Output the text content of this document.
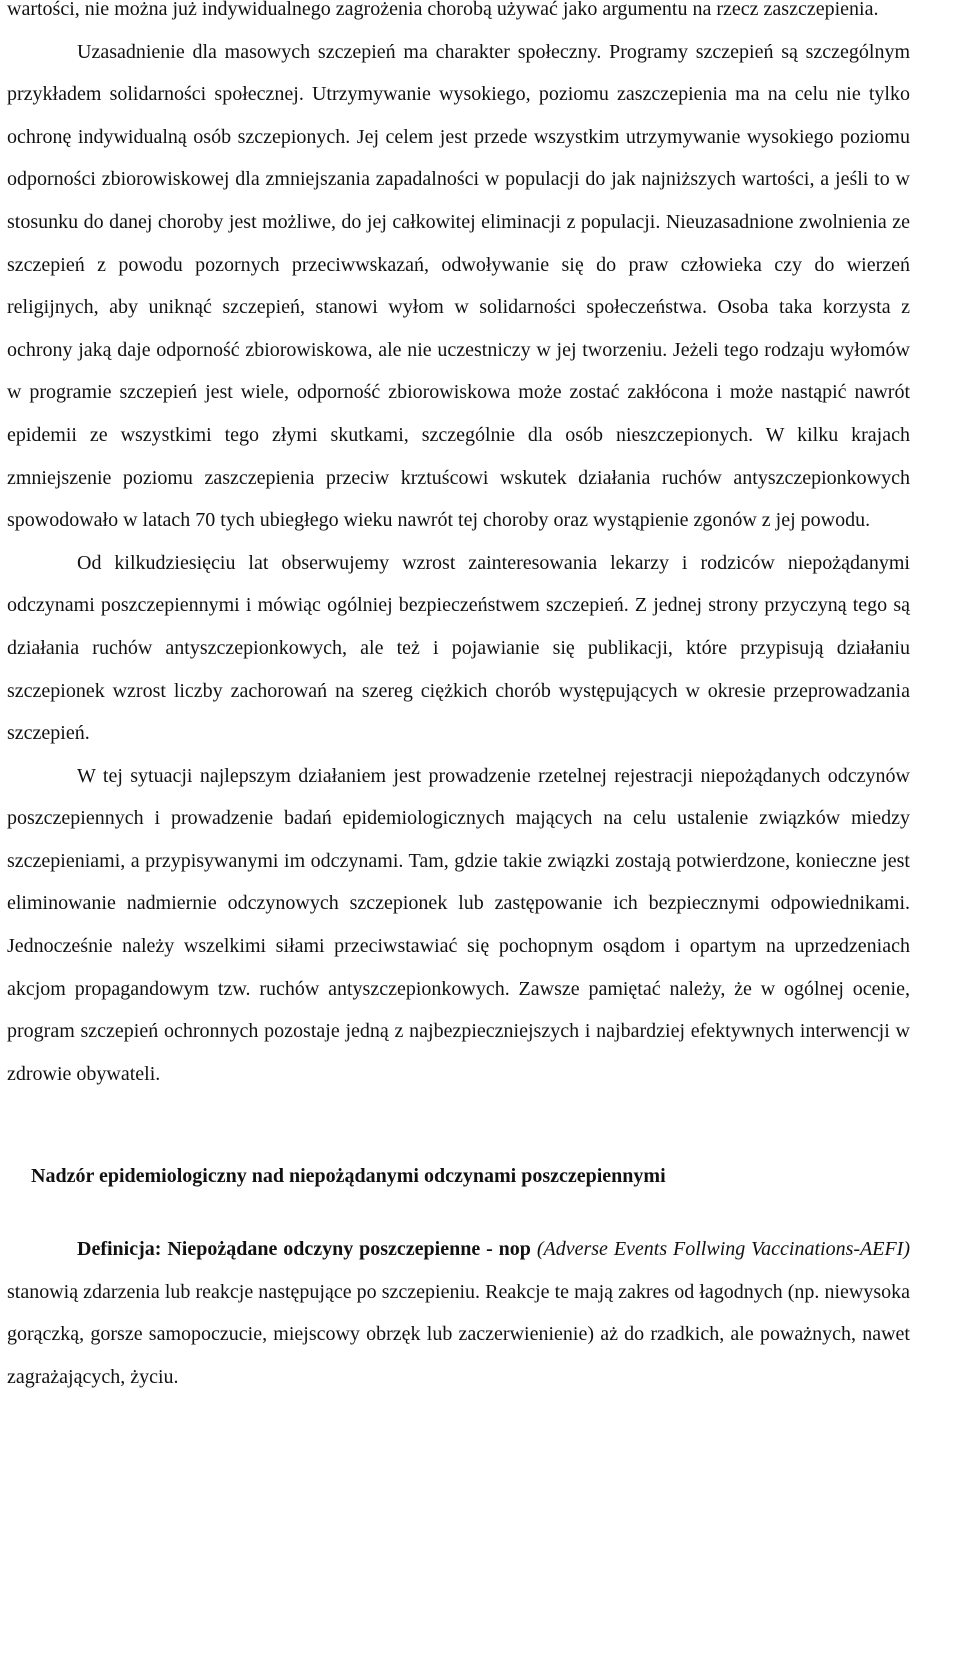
wartości, nie można już indywidualnego zagrożenia chorobą używać jako argumentu na rzecz zaszczepienia.

Uzasadnienie dla masowych szczepień ma charakter społeczny. Programy szczepień są szczególnym przykładem solidarności społecznej. Utrzymywanie wysokiego, poziomu zaszczepienia ma na celu nie tylko ochronę indywidualną osób szczepionych. Jej celem jest przede wszystkim utrzymywanie wysokiego poziomu odporności zbiorowiskowej dla zmniejszania zapadalności w populacji do jak najniższych wartości, a jeśli to w stosunku do danej choroby jest możliwe, do jej całkowitej eliminacji z populacji. Nieuzasadnione zwolnienia ze szczepień z powodu pozornych przeciwwskazań, odwoływanie się do praw człowieka czy do wierzeń religijnych, aby uniknąć szczepień, stanowi wyłom w solidarności społeczeństwa. Osoba taka korzysta z ochrony jaką daje odporność zbiorowiskowa, ale nie uczestniczy w jej tworzeniu. Jeżeli tego rodzaju wyłomów w programie szczepień jest wiele, odporność zbiorowiskowa może zostać zakłócona i może nastąpić nawrót epidemii ze wszystkimi tego złymi skutkami, szczególnie dla osób nieszczepionych. W kilku krajach zmniejszenie poziomu zaszczepienia przeciw krztuścowi wskutek działania ruchów antyszczepionkowych spowodowało w latach 70 tych ubiegłego wieku nawrót tej choroby oraz wystąpienie zgonów z jej powodu.

Od kilkudziesięciu lat obserwujemy wzrost zainteresowania lekarzy i rodziców niepożądanymi odczynami poszczepiennymi i mówiąc ogólniej bezpieczeństwem szczepień. Z jednej strony przyczyną tego są działania ruchów antyszczepionkowych, ale też i pojawianie się publikacji, które przypisują działaniu szczepionek wzrost liczby zachorowań na szereg ciężkich chorób występujących w okresie przeprowadzania szczepień.

W tej sytuacji najlepszym działaniem jest prowadzenie rzetelnej rejestracji niepożądanych odczynów poszczepiennych i prowadzenie badań epidemiologicznych mających na celu ustalenie związków miedzy szczepieniami, a przypisywanymi im odczynami. Tam, gdzie takie związki zostają potwierdzone, konieczne jest eliminowanie nadmiernie odczynowych szczepionek lub zastępowanie ich bezpiecznymi odpowiednikami. Jednocześnie należy wszelkimi siłami przeciwstawiać się pochopnym osądom i opartym na uprzedzeniach akcjom propagandowym tzw. ruchów antyszczepionkowych. Zawsze pamiętać należy, że w ogólnej ocenie, program szczepień ochronnych pozostaje jedną z najbezpieczniejszych i najbardziej efektywnych interwencji w zdrowie obywateli.

Nadzór epidemiologiczny nad niepożądanymi odczynami poszczepiennymi

Definicja: Niepożądane odczyny poszczepienne - nop (Adverse Events Follwing Vaccinations-AEFI) stanowią zdarzenia lub reakcje następujące po szczepieniu. Reakcje te mają zakres od łagodnych (np. niewysoka gorączką, gorsze samopoczucie, miejscowy obrzęk lub zaczerwienienie) aż do rzadkich, ale poważnych, nawet zagrażających, życiu.
